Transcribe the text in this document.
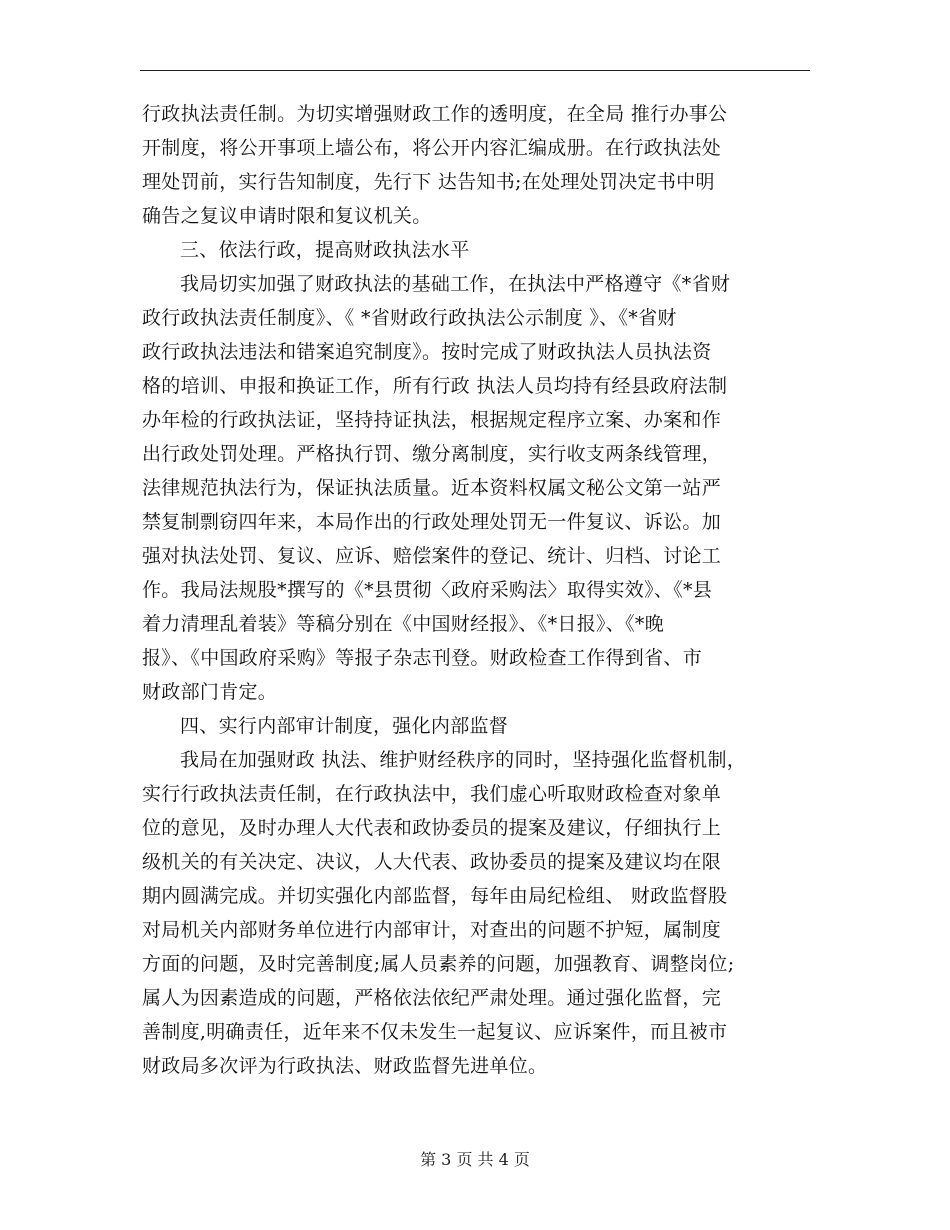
行政执法责任制。为切实增强财政工作的透明度，在全局 推行办事公
开制度，将公开事项上墙公布，将公开内容汇编成册。在行政执法处
理处罚前，实行告知制度，先行下 达告知书;在处理处罚决定书中明
确告之复议申请时限和复议机关。
三、依法行政，提高财政执法水平
我局切实加强了财政执法的基础工作，在执法中严格遵守《*省财
政行政执法责任制度》、《 *省财政行政执法公示制度 》、《*省财
政行政执法违法和错案追究制度》。按时完成了财政执法人员执法资
格的培训、申报和换证工作，所有行政 执法人员均持有经县政府法制
办年检的行政执法证，坚持持证执法，根据规定程序立案、办案和作
出行政处罚处理。严格执行罚、缴分离制度，实行收支两条线管理，
法律规范执法行为，保证执法质量。近本资料权属文秘公文第一站严
禁复制剽窃四年来，本局作出的行政处理处罚无一件复议、诉讼。加
强对执法处罚、复议、应诉、赔偿案件的登记、统计、归档、讨论工
作。我局法规股*撰写的《*县贯彻〈政府采购法〉取得实效》、《*县
着力清理乱着装》等稿分别在《中国财经报》、《*日报》、《*晚
报》、《中国政府采购》等报子杂志刊登。财政检查工作得到省、市
财政部门肯定。
四、实行内部审计制度，强化内部监督
我局在加强财政 执法、维护财经秩序的同时，坚持强化监督机制，
实行行政执法责任制，在行政执法中，我们虚心听取财政检查对象单
位的意见，及时办理人大代表和政协委员的提案及建议，仔细执行上
级机关的有关决定、决议，人大代表、政协委员的提案及建议均在限
期内圆满完成。并切实强化内部监督，每年由局纪检组、 财政监督股
对局机关内部财务单位进行内部审计，对查出的问题不护短，属制度
方面的问题，及时完善制度;属人员素养的问题，加强教育、调整岗位;
属人为因素造成的问题，严格依法依纪严肃处理。通过强化监督，完
善制度,明确责任，近年来不仅未发生一起复议、应诉案件，而且被市
财政局多次评为行政执法、财政监督先进单位。
第 3 页 共 4 页
